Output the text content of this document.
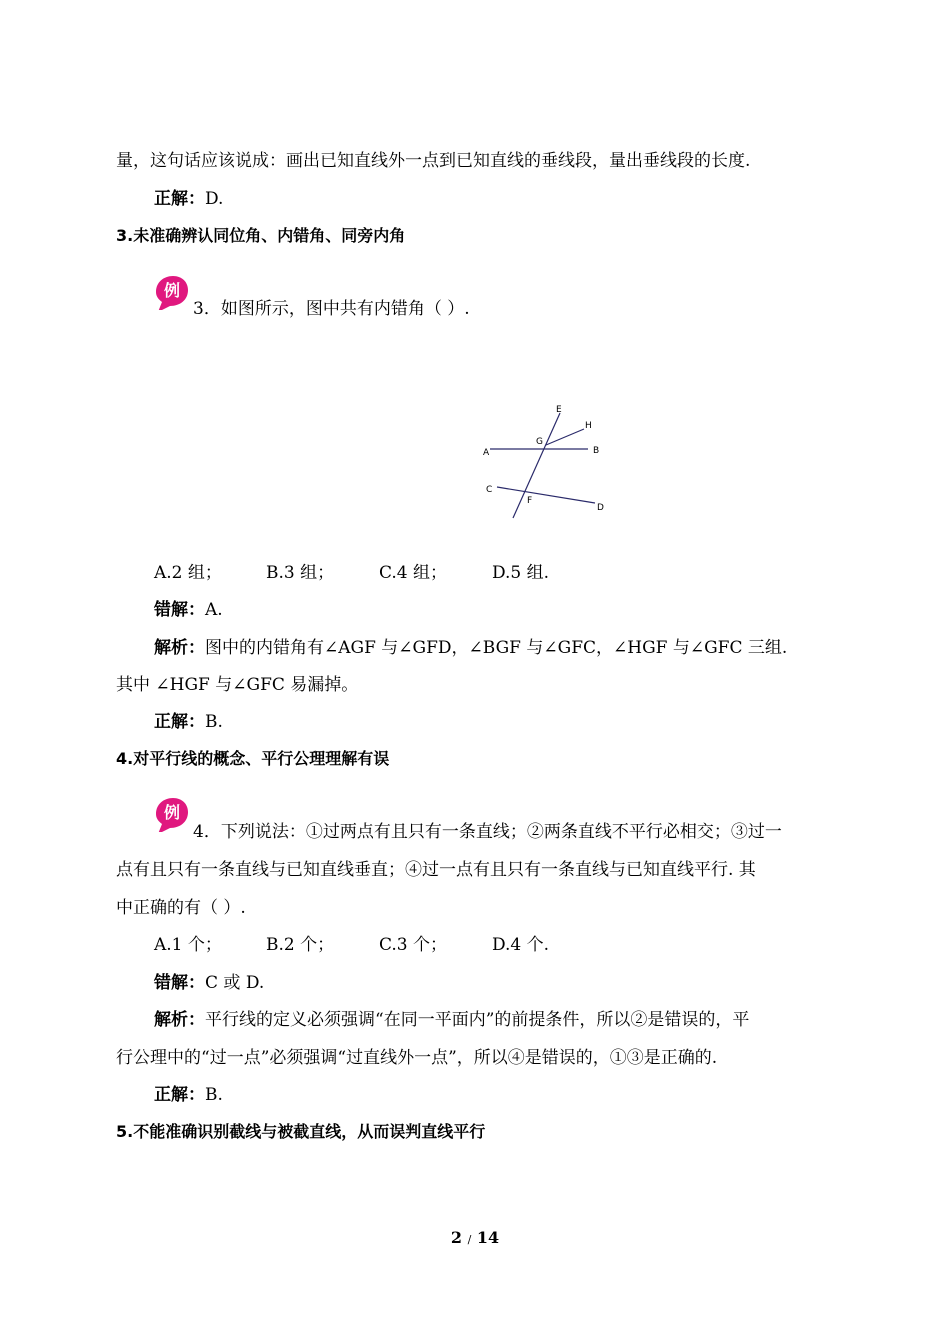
量，这句话应该说成：画出已知直线外一点到已知直线的垂线段，量出垂线段的长度.
正解：D.
3.未准确辨认同位角、内错角、同旁内角
例
3．如图所示，图中共有内错角（ ）.
E
H
G
A	B
C
F
D
A.2 组；	B.3 组；	C.4 组；	D.5 组.
错解：A.
解析：图中的内错角有∠AGF 与∠GFD，∠BGF 与∠GFC，∠HGF 与∠GFC 三组.
其中 ∠HGF 与∠GFC 易漏掉。
正解：B.
4.对平行线的概念、平行公理理解有误
例
4．下列说法：①过两点有且只有一条直线；②两条直线不平行必相交；③过一
点有且只有一条直线与已知直线垂直；④过一点有且只有一条直线与已知直线平行. 其
中正确的有（ ）.
A.1 个；	B.2 个；	C.3 个；	D.4 个.
错解：C 或 D.
解析：平行线的定义必须强调“在同一平面内”的前提条件，所以②是错误的，平
行公理中的“过一点”必须强调“过直线外一点”，所以④是错误的，①③是正确的.
正解：B.
5.不能准确识别截线与被截直线，从而误判直线平行
2 / 14
